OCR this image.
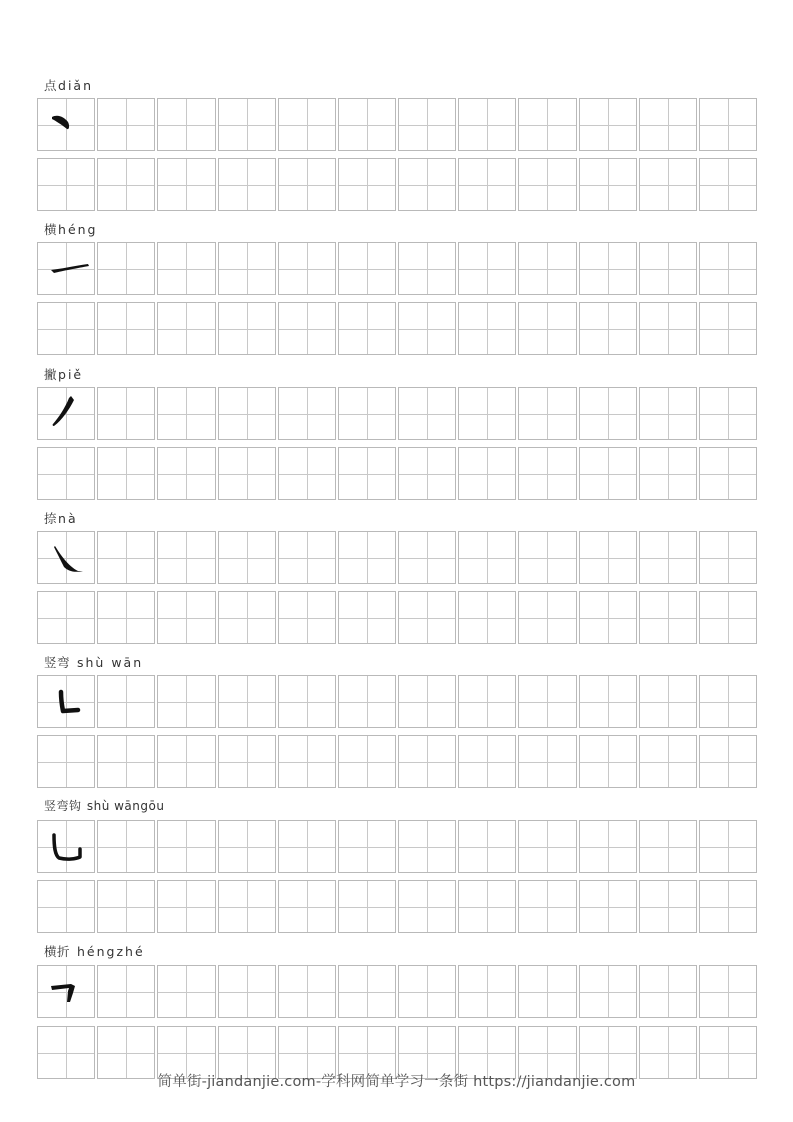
点diǎn
横héng
撇piě
捺nà
竖弯 shù wān
竖弯钩 shù wāngōu
横折 héngzhé
简单街-jiandanjie.com-学科网简单学习一条街 https://jiandanjie.com
